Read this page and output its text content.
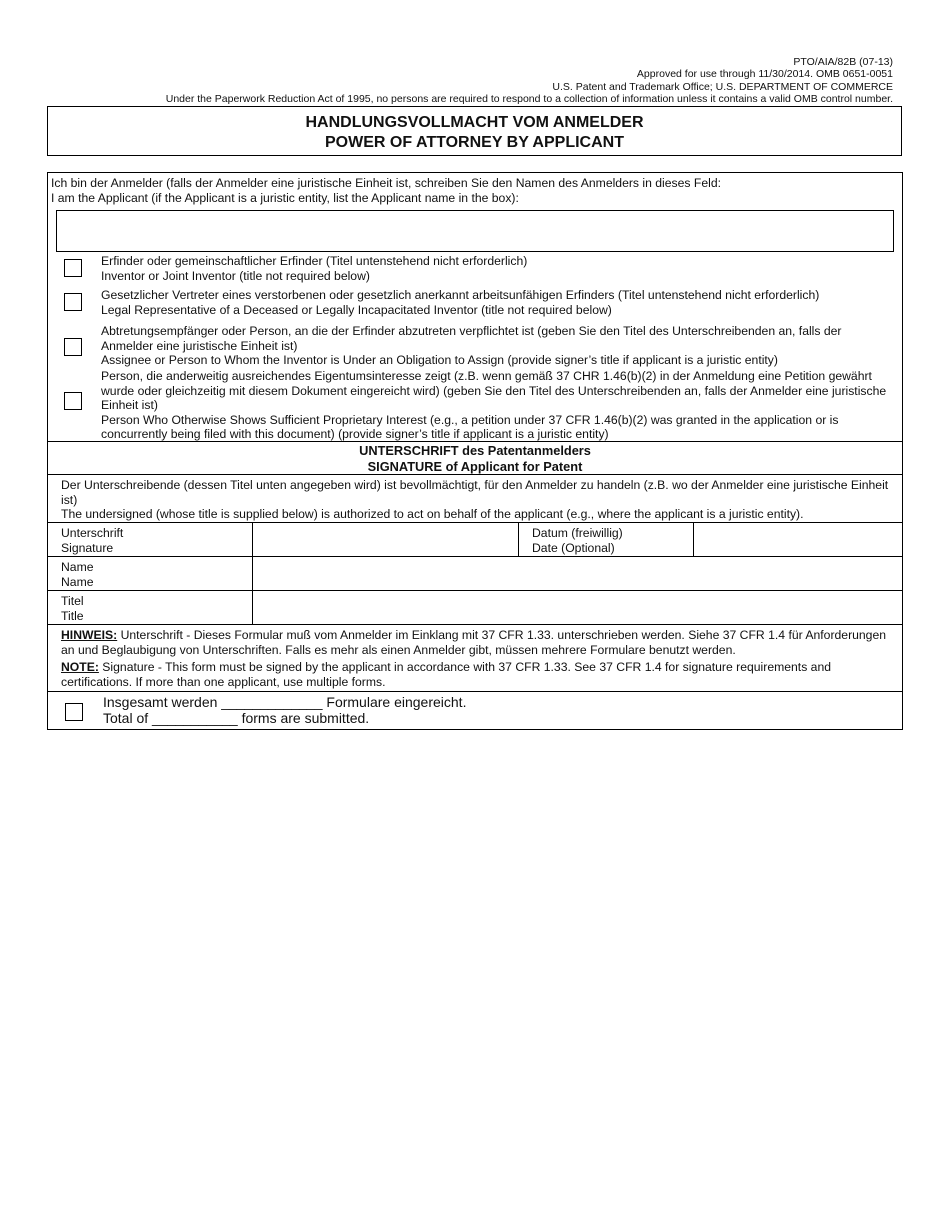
PTO/AIA/82B (07-13)
Approved for use through 11/30/2014. OMB 0651-0051
U.S. Patent and Trademark Office; U.S. DEPARTMENT OF COMMERCE
Under the Paperwork Reduction Act of 1995, no persons are required to respond to a collection of information unless it contains a valid OMB control number.
HANDLUNGSVOLLMACHT VOM ANMELDER
POWER OF ATTORNEY BY APPLICANT
Ich bin der Anmelder (falls der Anmelder eine juristische Einheit ist, schreiben Sie den Namen des Anmelders in dieses Feld:
I am the Applicant (if the Applicant is a juristic entity, list the Applicant name in the box):
Erfinder oder gemeinschaftlicher Erfinder (Titel untenstehend nicht erforderlich)
Inventor or Joint Inventor (title not required below)
Gesetzlicher Vertreter eines verstorbenen oder gesetzlich anerkannt arbeitsunfähigen Erfinders (Titel untenstehend nicht erforderlich)
Legal Representative of a Deceased or Legally Incapacitated Inventor (title not required below)
Abtretungsempfänger oder Person, an die der Erfinder abzutreten verpflichtet ist (geben Sie den Titel des Unterschreibenden an, falls der Anmelder eine juristische Einheit ist)
Assignee or Person to Whom the Inventor is Under an Obligation to Assign (provide signer’s title if applicant is a juristic entity)
Person, die anderweitig ausreichendes Eigentumsinteresse zeigt (z.B. wenn gemäß 37 CHR 1.46(b)(2) in der Anmeldung eine Petition gewährt wurde oder gleichzeitig mit diesem Dokument eingereicht wird) (geben Sie den Titel des Unterschreibenden an, falls der Anmelder eine juristische Einheit ist)
Person Who Otherwise Shows Sufficient Proprietary Interest (e.g., a petition under 37 CFR 1.46(b)(2) was granted in the application or is concurrently being filed with this document) (provide signer’s title if applicant is a juristic entity)
UNTERSCHRIFT des Patentanmelders
SIGNATURE of Applicant for Patent
Der Unterschreibende (dessen Titel unten angegeben wird) ist bevollmächtigt, für den Anmelder zu handeln (z.B. wo der Anmelder eine juristische Einheit ist)
The undersigned (whose title is supplied below) is authorized to act on behalf of the applicant (e.g., where the applicant is a juristic entity).
Unterschrift
Signature
Datum (freiwillig)
Date (Optional)
Name
Name
Titel
Title

HINWEIS: Unterschrift - Dieses Formular muß vom Anmelder im Einklang mit 37 CFR 1.33. unterschrieben werden. Siehe 37 CFR 1.4 für Anforderungen an und Beglaubigung von Unterschriften. Falls es mehr als einen Anmelder gibt, müssen mehrere Formulare benutzt werden.

NOTE: Signature - This form must be signed by the applicant in accordance with 37 CFR 1.33. See 37 CFR 1.4 for signature requirements and certifications. If more than one applicant, use multiple forms.

Insgesamt werden _____________ Formulare eingereicht.
Total of ___________ forms are submitted.
